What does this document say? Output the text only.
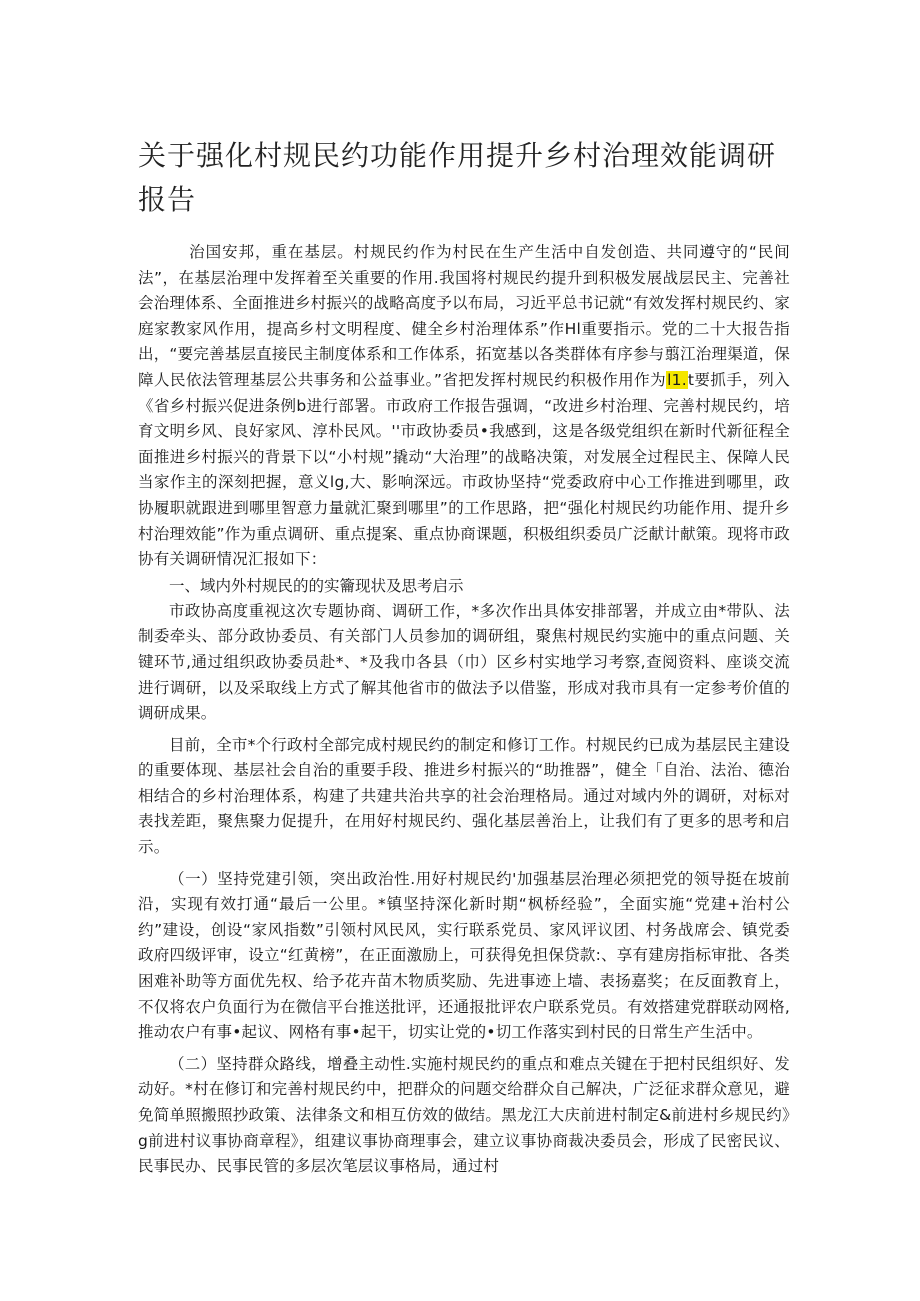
关于强化村规民约功能作用提升乡村治理效能调研报告

治国安邦，重在基层。村规民约作为村民在生产生活中自发创造、共同遵守的“民间法”，在基层治理中发挥着至关重要的作用.我国将村规民约提升到积极发展战层民主、完善社会治理体系、全面推进乡村振兴的战略高度予以布局，习近平总书记就“有效发挥村规民约、家庭家教家风作用，提高乡村文明程度、健全乡村治理体系”作Hl重要指示。党的二十大报告指出，“要完善基层直接民主制度体系和工作体系，拓宽基以各类群体有序参与翦江治理渠道，保障人民依法管理基层公共事务和公益事业。”省把发挥村规民约积极作用作为l1.t要抓手，列入《省乡村振兴促进条例b进行部署。市政府工作报告强调，“改进乡村治理、完善村规民约，培育文明乡风、良好家风、淳朴民风。''市政协委员•我感到，这是各级党组织在新时代新征程全面推进乡村振兴的背景下以“小村规”撬动“大治理”的战略决策，对发展全过程民主、保障人民当家作主的深刻把握，意义lg,大、影响深远。市政协坚持“党委政府中心工作推进到哪里，政协履职就跟进到哪里智意力量就汇聚到哪里”的工作思路，把“强化村规民约功能作用、提升乡村治理效能”作为重点调研、重点提案、重点协商课题，积极组织委员广泛献计献策。现将市政协有关调研情况汇报如下：

一、域内外村规民的的实籥现状及思考启示

市政协高度重视这次专题协商、调研工作，*多次作出具体安排部署，并成立由*带队、法制委牵头、部分政协委员、有关部门人员参加的调研组，聚焦村规民约实施中的重点问题、关键环节,通过组织政协委员赴*、*及我巾各县（巾）区乡村实地学习考察,查阅资料、座谈交流进行调研，以及采取线上方式了解其他省市的做法予以借鉴，形成对我市具有一定参考价值的调研成果。

目前，全市*个行政村全部完成村规民约的制定和修订工作。村规民约已成为基层民主建设的重要体现、基层社会自治的重要手段、推进乡村振兴的“助推器”，健全「自治、法治、德治相结合的乡村治理体系，构建了共建共治共享的社会治理格局。通过对域内外的调研，对标对表找差距，聚焦聚力促提升，在用好村规民约、强化基层善治上，让我们有了更多的思考和启示。

（一）坚持党建引领，突出政治性.用好村规民约'加强基层治理必须把党的领导挺在坡前沿，实现有效打通“最后一公里。*镇坚持深化新时期“枫桥经验”，全面实施“党建+治村公约”建设，创设“家风指数”引领村风民风，实行联系党员、家风评议团、村务战席会、镇党委政府四级评审，设立“红黄榜”，在正面激励上，可获得免担保贷款:、享有建房指标审批、各类困难补助等方面优先权、给予花卉苗木物质奖励、先进事迹上墙、表扬嘉奖；在反面教育上，不仅将农户负面行为在微信平台推送批评，还通报批评农户联系党员。有效搭建党群联动网格,推动农户有事•起议、网格有事•起干，切实让党的•切工作落实到村民的日常生产生活中。

（二）坚持群众路线，增叠主动性.实施村规民约的重点和难点关键在于把村民组织好、发动好。*村在修订和完善村规民约中，把群众的问题交给群众自己解决，广泛征求群众意见，避免简单照搬照抄政策、法律条文和相互仿效的做结。黑龙江大庆前进村制定&前进村乡规民约》g前进村议事协商章程》，组建议事协商理事会，建立议事协商裁决委员会，形成了民密民议、民事民办、民事民管的多层次笔层议事格局，通过村
